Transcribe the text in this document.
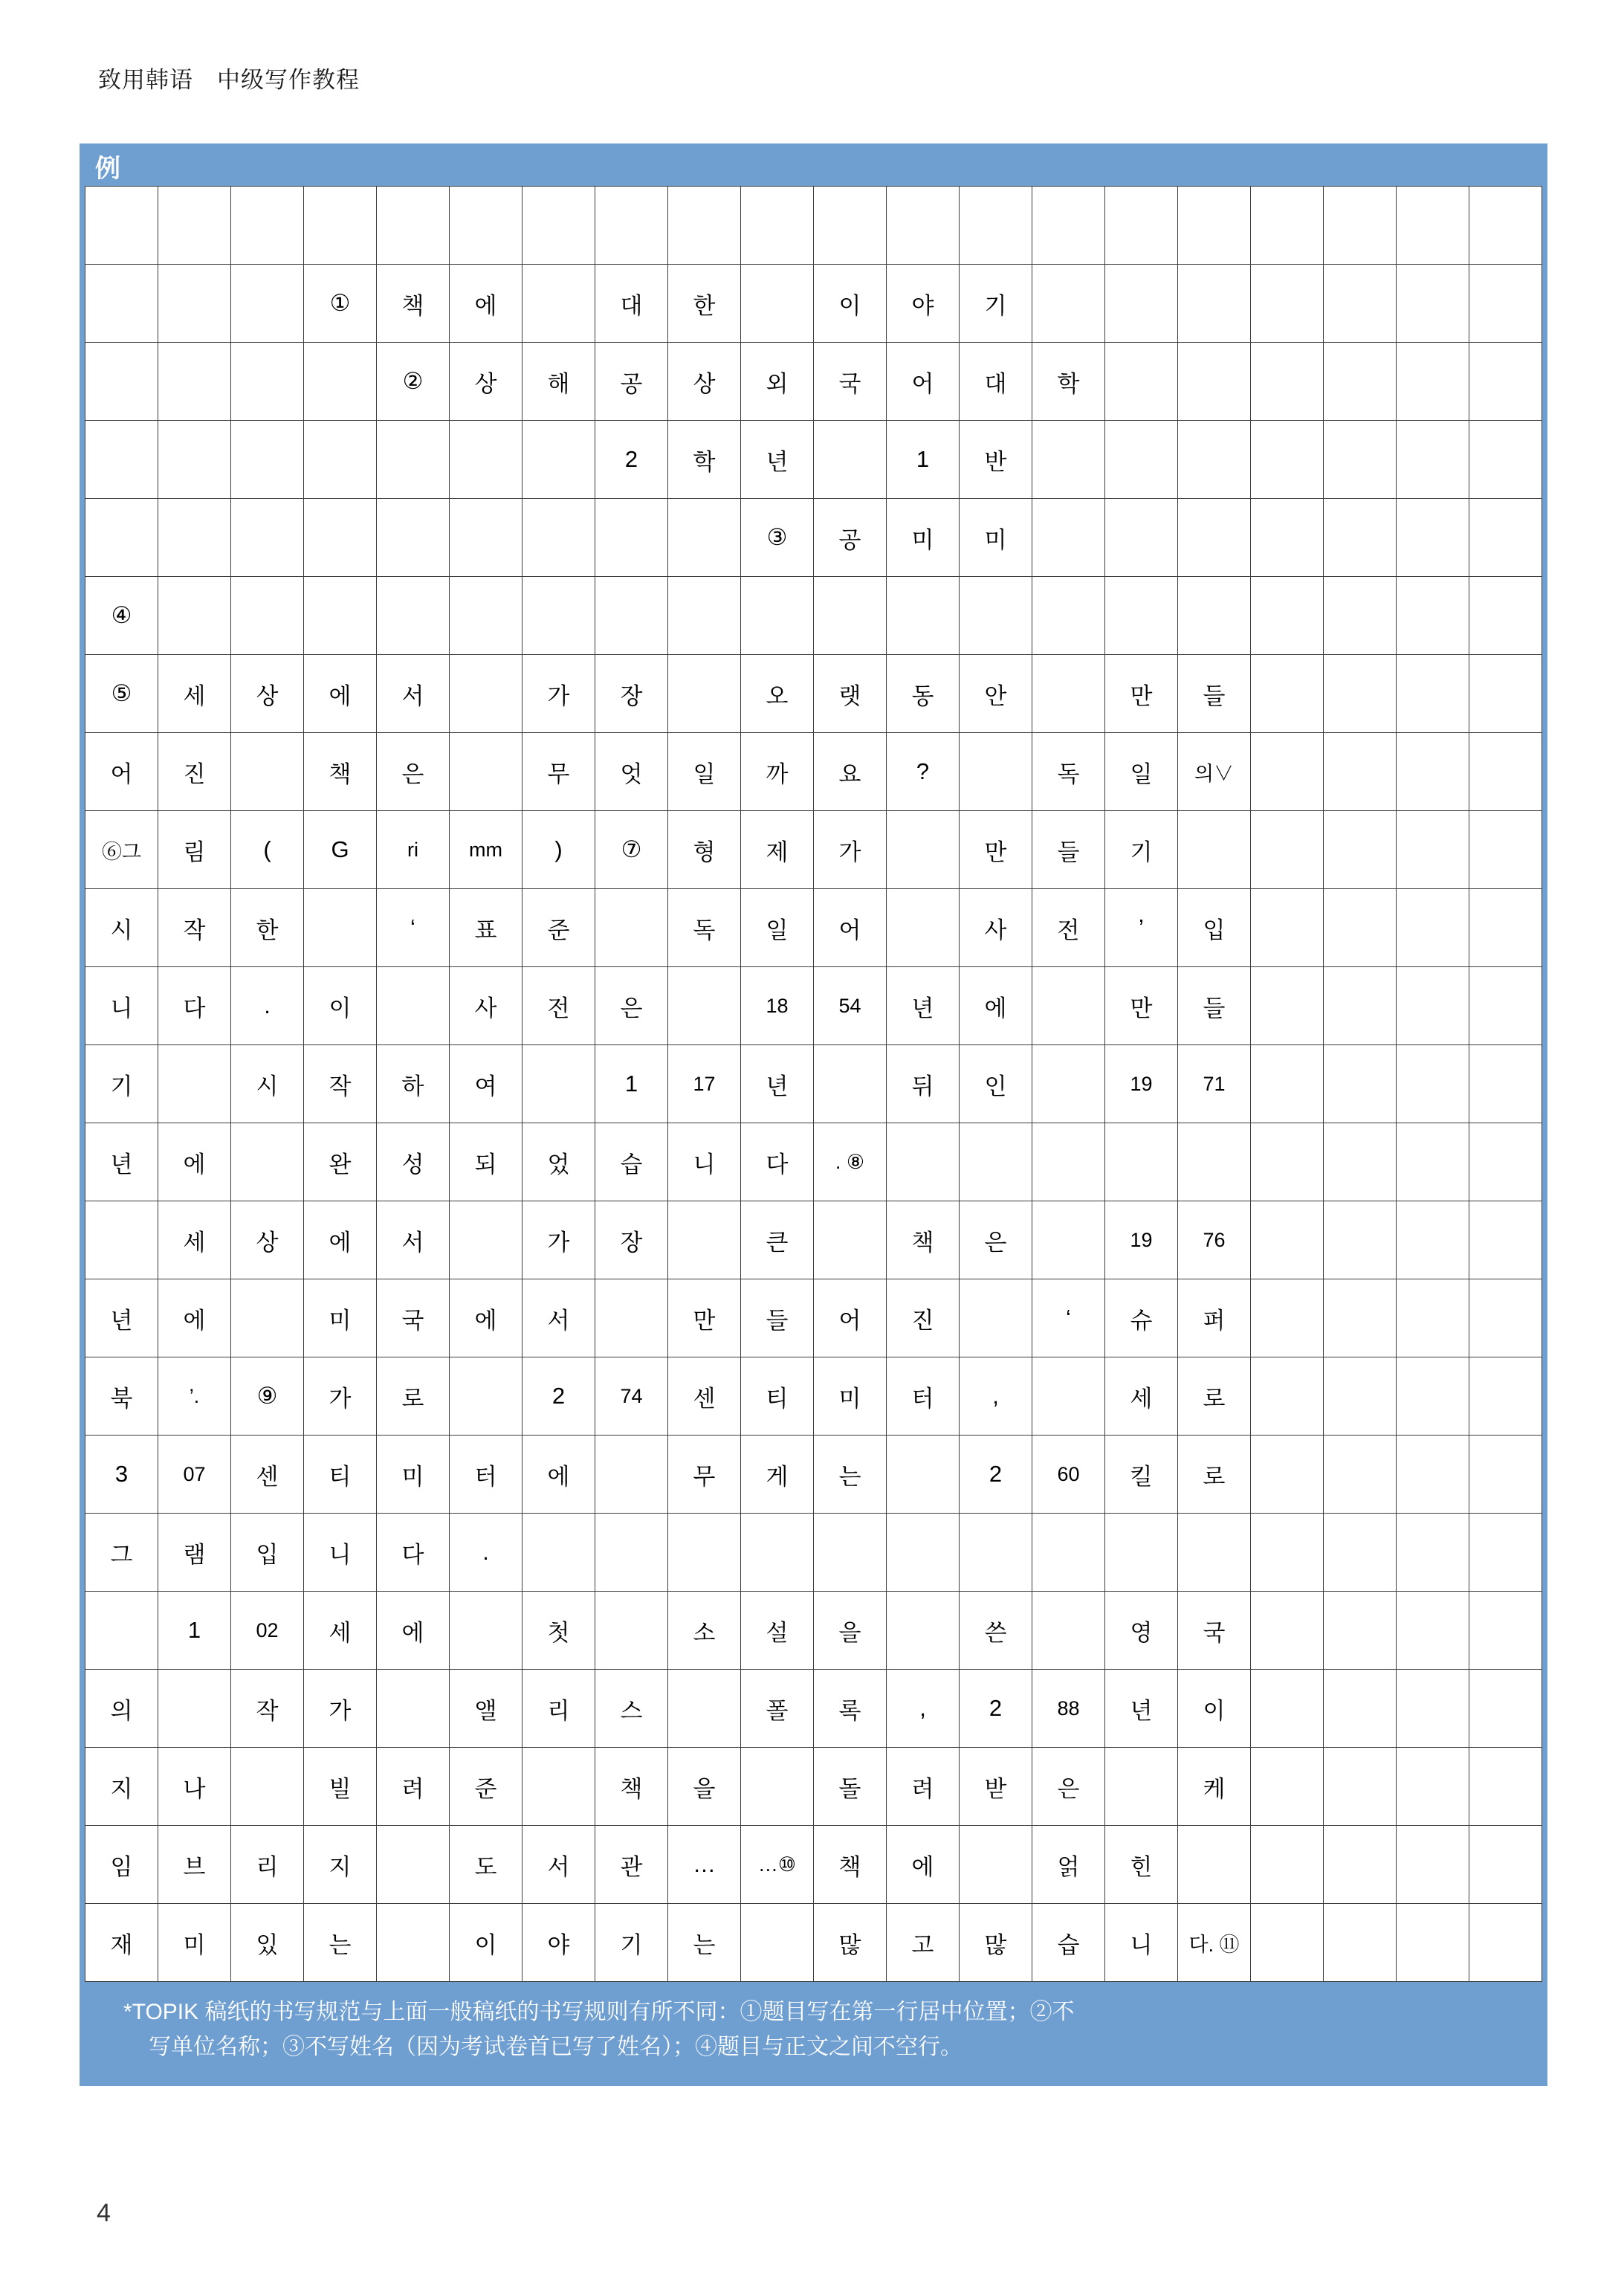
致用韩语　中级写作教程
例

			①	책	에		대	한		이	야	기							
				②	상	해	공	상	외	국	어	대	학						
							2	학	년		1	반							
									③	공	미	미							
④																			
⑤	세	상	에	서		가	장		오	랫	동	안		만	들				
어	진		책	은		무	엇	일	까	요	?		독	일	의∨				
⑥그	림	(	G	ri	mm	)	⑦	형	제	가		만	들	기					
시	작	한		‘	표	준		독	일	어		사	전	’	입				
니	다	.	이		사	전	은		18	54	년	에		만	들				
기		시	작	하	여		1	17	년		뒤	인		19	71				
년	에		완	성	되	었	습	니	다	. ⑧									
	세	상	에	서		가	장		큰		책	은		19	76				
년	에		미	국	에	서		만	들	어	진		‘	슈	퍼				
북	’.	⑨	가	로		2	74	센	티	미	터	,		세	로				
3	07	센	티	미	터	에		무	게	는		2	60	킬	로				
그	램	입	니	다	.														
	1	02	세	에		첫		소	설	을		쓴		영	국				
의		작	가		앨	리	스		폴	록	,	2	88	년	이				
지	나		빌	려	준		책	을		돌	려	받	은		케				
임	브	리	지		도	서	관	…	…⑩	책	에		얽	힌					
재	미	있	는		이	야	기	는		많	고	많	습	니	다. ⑪				
*TOPIK 稿纸的书写规范与上面一般稿纸的书写规则有所不同：①题目写在第一行居中位置；②不
写单位名称；③不写姓名（因为考试卷首已写了姓名）；④题目与正文之间不空行。
4
